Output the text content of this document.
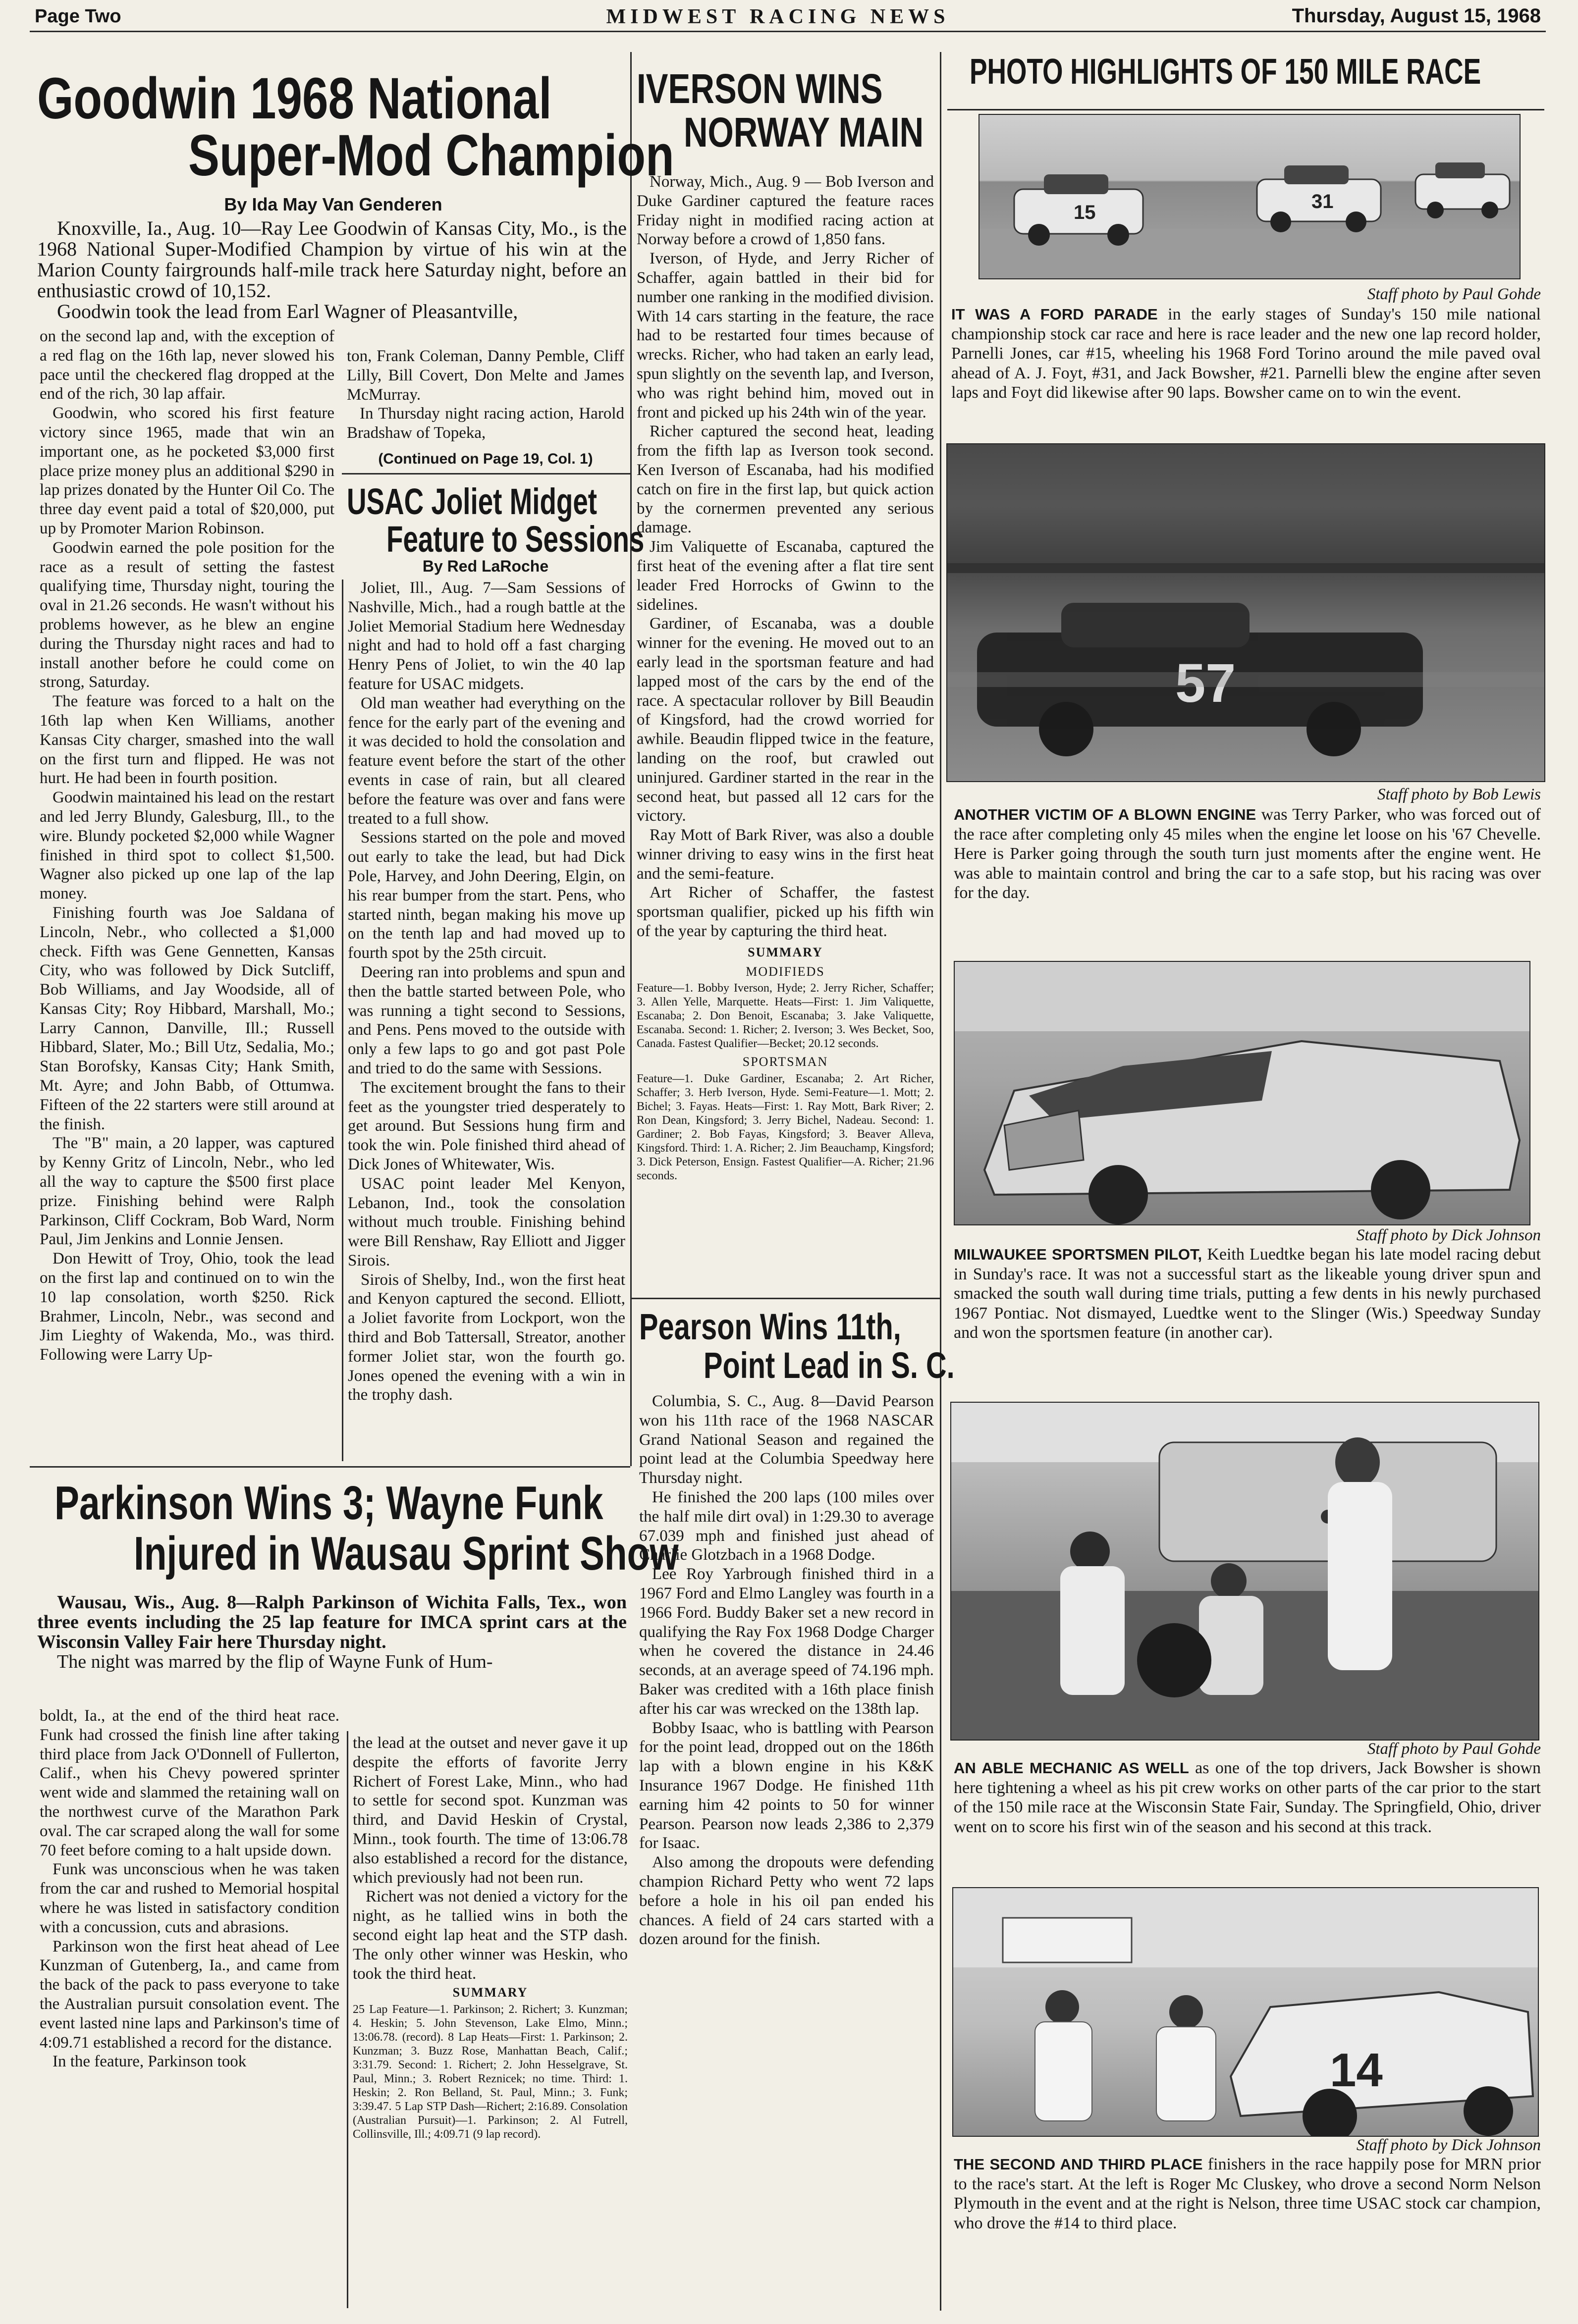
Page Two	MIDWEST RACING NEWS	Thursday, August 15, 1968
Goodwin 1968 National
Super-Mod Champion
By Ida May Van Genderen

Knoxville, Ia., Aug. 10—Ray Lee Goodwin of Kansas City, Mo., is the 1968 National Super-Modified Champion by virtue of his win at the Marion County fairgrounds half-mile track here Saturday night, before an enthusiastic crowd of 10,152.

Goodwin took the lead from Earl Wagner of Pleasantville,

on the second lap and, with the exception of a red flag on the 16th lap, never slowed his pace until the checkered flag dropped at the end of the rich, 30 lap affair.

Goodwin, who scored his first feature victory since 1965, made that win an important one, as he pocketed $3,000 first place prize money plus an additional $290 in lap prizes donated by the Hunter Oil Co. The three day event paid a total of $20,000, put up by Promoter Marion Robinson.

Goodwin earned the pole position for the race as a result of setting the fastest qualifying time, Thursday night, touring the oval in 21.26 seconds. He wasn't without his problems however, as he blew an engine during the Thursday night races and had to install another before he could come on strong, Saturday.

The feature was forced to a halt on the 16th lap when Ken Williams, another Kansas City charger, smashed into the wall on the first turn and flipped. He was not hurt. He had been in fourth position.

Goodwin maintained his lead on the restart and led Jerry Blundy, Galesburg, Ill., to the wire. Blundy pocketed $2,000 while Wagner finished in third spot to collect $1,500. Wagner also picked up one lap of the lap money.

Finishing fourth was Joe Saldana of Lincoln, Nebr., who collected a $1,000 check. Fifth was Gene Gennetten, Kansas City, who was followed by Dick Sutcliff, Bob Williams, and Jay Woodside, all of Kansas City; Roy Hibbard, Marshall, Mo.; Larry Cannon, Danville, Ill.; Russell Hibbard, Slater, Mo.; Bill Utz, Sedalia, Mo.; Stan Borofsky, Kansas City; Hank Smith, Mt. Ayre; and John Babb, of Ottumwa. Fifteen of the 22 starters were still around at the finish.

The "B" main, a 20 lapper, was captured by Kenny Gritz of Lincoln, Nebr., who led all the way to capture the $500 first place prize. Finishing behind were Ralph Parkinson, Cliff Cockram, Bob Ward, Norm Paul, Jim Jenkins and Lonnie Jensen.

Don Hewitt of Troy, Ohio, took the lead on the first lap and continued on to win the 10 lap consolation, worth $250. Rick Brahmer, Lincoln, Nebr., was second and Jim Lieghty of Wakenda, Mo., was third. Following were Larry Up-

ton, Frank Coleman, Danny Pemble, Cliff Lilly, Bill Covert, Don Melte and James McMurray.

In Thursday night racing action, Harold Bradshaw of Topeka,

(Continued on Page 19, Col. 1)
USAC Joliet Midget
Feature to Sessions
By Red LaRoche

Joliet, Ill., Aug. 7—Sam Sessions of Nashville, Mich., had a rough battle at the Joliet Memorial Stadium here Wednesday night and had to hold off a fast charging Henry Pens of Joliet, to win the 40 lap feature for USAC midgets.

Old man weather had everything on the fence for the early part of the evening and it was decided to hold the consolation and feature event before the start of the other events in case of rain, but all cleared before the feature was over and fans were treated to a full show.

Sessions started on the pole and moved out early to take the lead, but had Dick Pole, Harvey, and John Deering, Elgin, on his rear bumper from the start. Pens, who started ninth, began making his move up on the tenth lap and had moved up to fourth spot by the 25th circuit.

Deering ran into problems and spun and then the battle started between Pole, who was running a tight second to Sessions, and Pens. Pens moved to the outside with only a few laps to go and got past Pole and tried to do the same with Sessions.

The excitement brought the fans to their feet as the youngster tried desperately to get around. But Sessions hung firm and took the win. Pole finished third ahead of Dick Jones of Whitewater, Wis.

USAC point leader Mel Kenyon, Lebanon, Ind., took the consolation without much trouble. Finishing behind were Bill Renshaw, Ray Elliott and Jigger Sirois.

Sirois of Shelby, Ind., won the first heat and Kenyon captured the second. Elliott, a Joliet favorite from Lockport, won the third and Bob Tattersall, Streator, another former Joliet star, won the fourth go. Jones opened the evening with a win in the trophy dash.

IVERSON WINS
NORWAY MAIN

Norway, Mich., Aug. 9 — Bob Iverson and Duke Gardiner captured the feature races Friday night in modified racing action at Norway before a crowd of 1,850 fans.

Iverson, of Hyde, and Jerry Richer of Schaffer, again battled in their bid for number one ranking in the modified division. With 14 cars starting in the feature, the race had to be restarted four times because of wrecks. Richer, who had taken an early lead, spun slightly on the seventh lap, and Iverson, who was right behind him, moved out in front and picked up his 24th win of the year.

Richer captured the second heat, leading from the fifth lap as Iverson took second. Ken Iverson of Escanaba, had his modified catch on fire in the first lap, but quick action by the cornermen prevented any serious damage.

Jim Valiquette of Escanaba, captured the first heat of the evening after a flat tire sent leader Fred Horrocks of Gwinn to the sidelines.

Gardiner, of Escanaba, was a double winner for the evening. He moved out to an early lead in the sportsman feature and had lapped most of the cars by the end of the race. A spectacular rollover by Bill Beaudin of Kingsford, had the crowd worried for awhile. Beaudin flipped twice in the feature, landing on the roof, but crawled out uninjured. Gardiner started in the rear in the second heat, but passed all 12 cars for the victory.

Ray Mott of Bark River, was also a double winner driving to easy wins in the first heat and the semi-feature.

Art Richer of Schaffer, the fastest sportsman qualifier, picked up his fifth win of the year by capturing the third heat.

SUMMARY
MODIFIEDS
Feature—1. Bobby Iverson, Hyde; 2. Jerry Richer, Schaffer; 3. Allen Yelle, Marquette. Heats—First: 1. Jim Valiquette, Escanaba; 2. Don Benoit, Escanaba; 3. Jake Valiquette, Escanaba. Second: 1. Richer; 2. Iverson; 3. Wes Becket, Soo, Canada. Fastest Qualifier—Becket; 20.12 seconds.
SPORTSMAN
Feature—1. Duke Gardiner, Escanaba; 2. Art Richer, Schaffer; 3. Herb Iverson, Hyde. Semi-Feature—1. Mott; 2. Bichel; 3. Fayas. Heats—First: 1. Ray Mott, Bark River; 2. Ron Dean, Kingsford; 3. Jerry Bichel, Nadeau. Second: 1. Gardiner; 2. Bob Fayas, Kingsford; 3. Beaver Alleva, Kingsford. Third: 1. A. Richer; 2. Jim Beauchamp, Kingsford; 3. Dick Peterson, Ensign. Fastest Qualifier—A. Richer; 21.96 seconds.
Pearson Wins 11th,
Point Lead in S. C.

Columbia, S. C., Aug. 8—David Pearson won his 11th race of the 1968 NASCAR Grand National Season and regained the point lead at the Columbia Speedway here Thursday night.

He finished the 200 laps (100 miles over the half mile dirt oval) in 1:29.30 to average 67.039 mph and finished just ahead of Charlie Glotzbach in a 1968 Dodge.

Lee Roy Yarbrough finished third in a 1967 Ford and Elmo Langley was fourth in a 1966 Ford. Buddy Baker set a new record in qualifying the Ray Fox 1968 Dodge Charger when he covered the distance in 24.46 seconds, at an average speed of 74.196 mph. Baker was credited with a 16th place finish after his car was wrecked on the 138th lap.

Bobby Isaac, who is battling with Pearson for the point lead, dropped out on the 186th lap with a blown engine in his K&K Insurance 1967 Dodge. He finished 11th earning him 42 points to 50 for winner Pearson. Pearson now leads 2,386 to 2,379 for Isaac.

Also among the dropouts were defending champion Richard Petty who went 72 laps before a hole in his oil pan ended his chances. A field of 24 cars started with a dozen around for the finish.

Parkinson Wins 3; Wayne Funk
Injured in Wausau Sprint Show

Wausau, Wis., Aug. 8—Ralph Parkinson of Wichita Falls, Tex., won three events including the 25 lap feature for IMCA sprint cars at the Wisconsin Valley Fair here Thursday night.

The night was marred by the flip of Wayne Funk of Hum-

boldt, Ia., at the end of the third heat race. Funk had crossed the finish line after taking third place from Jack O'Donnell of Fullerton, Calif., when his Chevy powered sprinter went wide and slammed the retaining wall on the northwest curve of the Marathon Park oval. The car scraped along the wall for some 70 feet before coming to a halt upside down.

Funk was unconscious when he was taken from the car and rushed to Memorial hospital where he was listed in satisfactory condition with a concussion, cuts and abrasions.

Parkinson won the first heat ahead of Lee Kunzman of Gutenberg, Ia., and came from the back of the pack to pass everyone to take the Australian pursuit consolation event. The event lasted nine laps and Parkinson's time of 4:09.71 established a record for the distance.

In the feature, Parkinson took

the lead at the outset and never gave it up despite the efforts of favorite Jerry Richert of Forest Lake, Minn., who had to settle for second spot. Kunzman was third, and David Heskin of Crystal, Minn., took fourth. The time of 13:06.78 also established a record for the distance, which previously had not been run.

Richert was not denied a victory for the night, as he tallied wins in both the second eight lap heat and the STP dash. The only other winner was Heskin, who took the third heat.

SUMMARY
25 Lap Feature—1. Parkinson; 2. Richert; 3. Kunzman; 4. Heskin; 5. John Stevenson, Lake Elmo, Minn.; 13:06.78. (record). 8 Lap Heats—First: 1. Parkinson; 2. Kunzman; 3. Buzz Rose, Manhattan Beach, Calif.; 3:31.79. Second: 1. Richert; 2. John Hesselgrave, St. Paul, Minn.; 3. Robert Reznicek; no time. Third: 1. Heskin; 2. Ron Belland, St. Paul, Minn.; 3. Funk; 3:39.47. 5 Lap STP Dash—Richert; 2:16.89. Consolation (Australian Pursuit)—1. Parkinson; 2. Al Futrell, Collinsville, Ill.; 4:09.71 (9 lap record).
PHOTO HIGHLIGHTS OF 150 MILE RACE
15	31
Staff photo by Paul Gohde
IT WAS A FORD PARADE in the early stages of Sunday's 150 mile national championship stock car race and here is race leader and the new one lap record holder, Parnelli Jones, car #15, wheeling his 1968 Ford Torino around the mile paved oval ahead of A. J. Foyt, #31, and Jack Bowsher, #21. Parnelli blew the engine after seven laps and Foyt did likewise after 90 laps. Bowsher came on to win the event.
57
Staff photo by Bob Lewis
ANOTHER VICTIM OF A BLOWN ENGINE was Terry Parker, who was forced out of the race after completing only 45 miles when the engine let loose on his '67 Chevelle. Here is Parker going through the south turn just moments after the engine went. He was able to maintain control and bring the car to a safe stop, but his racing was over for the day.
Staff photo by Dick Johnson
MILWAUKEE SPORTSMEN PILOT, Keith Luedtke began his late model racing debut in Sunday's race. It was not a successful start as the likeable young driver spun and smacked the south wall during time trials, putting a few dents in his newly purchased 1967 Pontiac. Not dismayed, Luedtke went to the Slinger (Wis.) Speedway Sunday and won the sportsmen feature (in another car).
Staff photo by Paul Gohde
AN ABLE MECHANIC AS WELL as one of the top drivers, Jack Bowsher is shown here tightening a wheel as his pit crew works on other parts of the car prior to the start of the 150 mile race at the Wisconsin State Fair, Sunday. The Springfield, Ohio, driver went on to score his first win of the season and his second at this track.
14
Staff photo by Dick Johnson
THE SECOND AND THIRD PLACE finishers in the race happily pose for MRN prior to the race's start. At the left is Roger Mc Cluskey, who drove a second Norm Nelson Plymouth in the event and at the right is Nelson, three time USAC stock car champion, who drove the #14 to third place.
